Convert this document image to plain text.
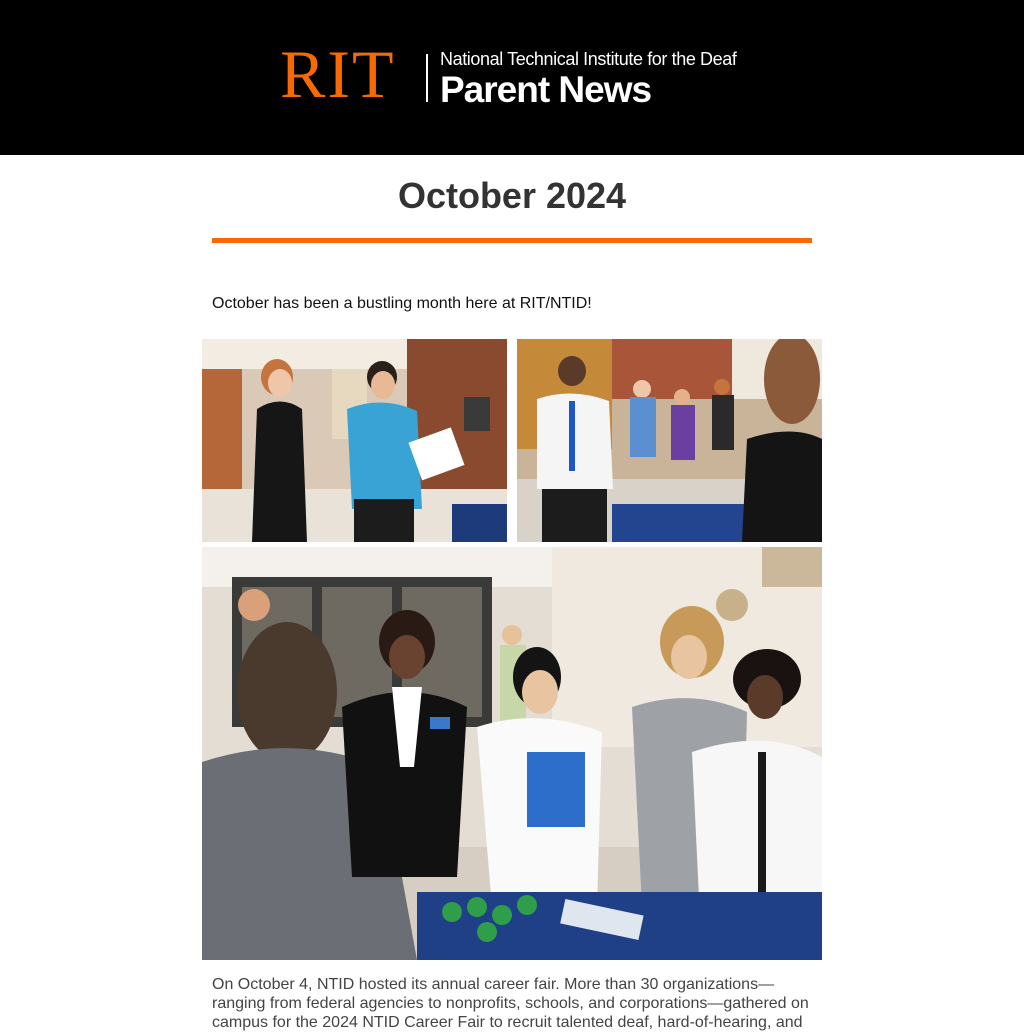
RIT National Technical Institute for the Deaf
Parent News
October 2024
October has been a bustling month here at RIT/NTID!
On October 4, NTID hosted its annual career fair. More than 30 organizations—ranging from federal agencies to nonprofits, schools, and corporations—gathered on campus for the 2024 NTID Career Fair to recruit talented deaf, hard-of-hearing, and
